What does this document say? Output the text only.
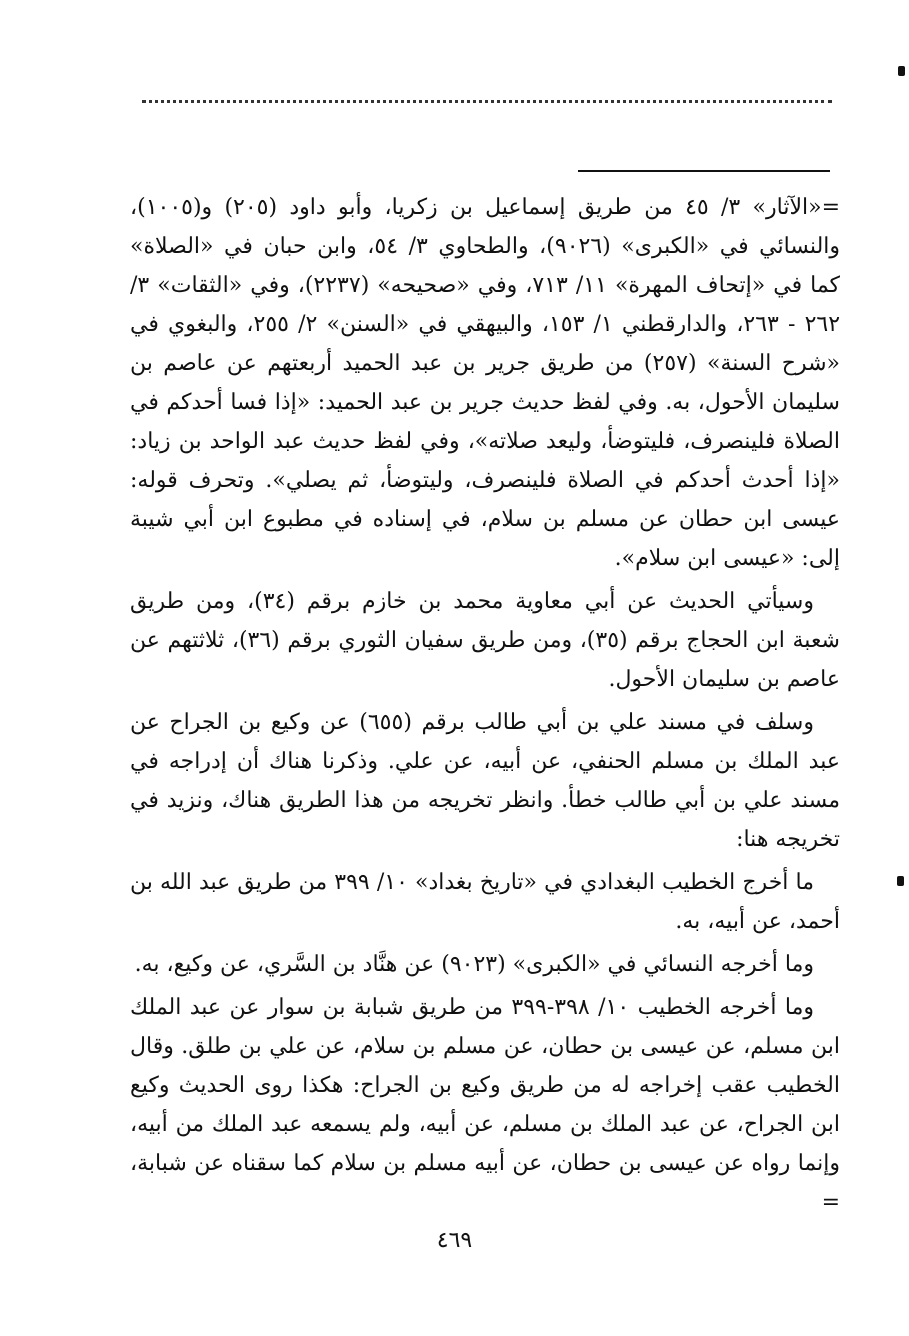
=«الآثار» ٣/ ٤٥ من طريق إسماعيل بن زكريا، وأبو داود (٢٠٥) و(١٠٠٥)، والنسائي في «الكبرى» (٩٠٢٦)، والطحاوي ٣/ ٥٤، وابن حبان في «الصلاة» كما في «إتحاف المهرة» ١١/ ٧١٣، وفي «صحيحه» (٢٢٣٧)، وفي «الثقات» ٣/ ٢٦٢ - ٢٦٣، والدارقطني ١/ ١٥٣، والبيهقي في «السنن» ٢/ ٢٥٥، والبغوي في «شرح السنة» (٢٥٧) من طريق جرير بن عبد الحميد أربعتهم عن عاصم بن سليمان الأحول، به. وفي لفظ حديث جرير بن عبد الحميد: «إذا فسا أحدكم في الصلاة فلينصرف، فليتوضأ، وليعد صلاته»، وفي لفظ حديث عبد الواحد بن زياد: «إذا أحدث أحدكم في الصلاة فلينصرف، وليتوضأ، ثم يصلي». وتحرف قوله: عيسى ابن حطان عن مسلم بن سلام، في إسناده في مطبوع ابن أبي شيبة إلى: «عيسى ابن سلام».

وسيأتي الحديث عن أبي معاوية محمد بن خازم برقم (٣٤)، ومن طريق شعبة ابن الحجاج برقم (٣٥)، ومن طريق سفيان الثوري برقم (٣٦)، ثلاثتهم عن عاصم بن سليمان الأحول.

وسلف في مسند علي بن أبي طالب برقم (٦٥٥) عن وكيع بن الجراح عن عبد الملك بن مسلم الحنفي، عن أبيه، عن علي. وذكرنا هناك أن إدراجه في مسند علي بن أبي طالب خطأ. وانظر تخريجه من هذا الطريق هناك، ونزيد في تخريجه هنا:

ما أخرج الخطيب البغدادي في «تاريخ بغداد» ١٠/ ٣٩٩ من طريق عبد الله بن أحمد، عن أبيه، به.

وما أخرجه النسائي في «الكبرى» (٩٠٢٣) عن هنَّاد بن السَّري، عن وكيع، به.

وما أخرجه الخطيب ١٠/ ٣٩٨-٣٩٩ من طريق شبابة بن سوار عن عبد الملك ابن مسلم، عن عيسى بن حطان، عن مسلم بن سلام، عن علي بن طلق. وقال الخطيب عقب إخراجه له من طريق وكيع بن الجراح: هكذا روى الحديث وكيع ابن الجراح، عن عبد الملك بن مسلم، عن أبيه، ولم يسمعه عبد الملك من أبيه، وإنما رواه عن عيسى بن حطان، عن أبيه مسلم بن سلام كما سقناه عن شبابة، =

٤٦٩
